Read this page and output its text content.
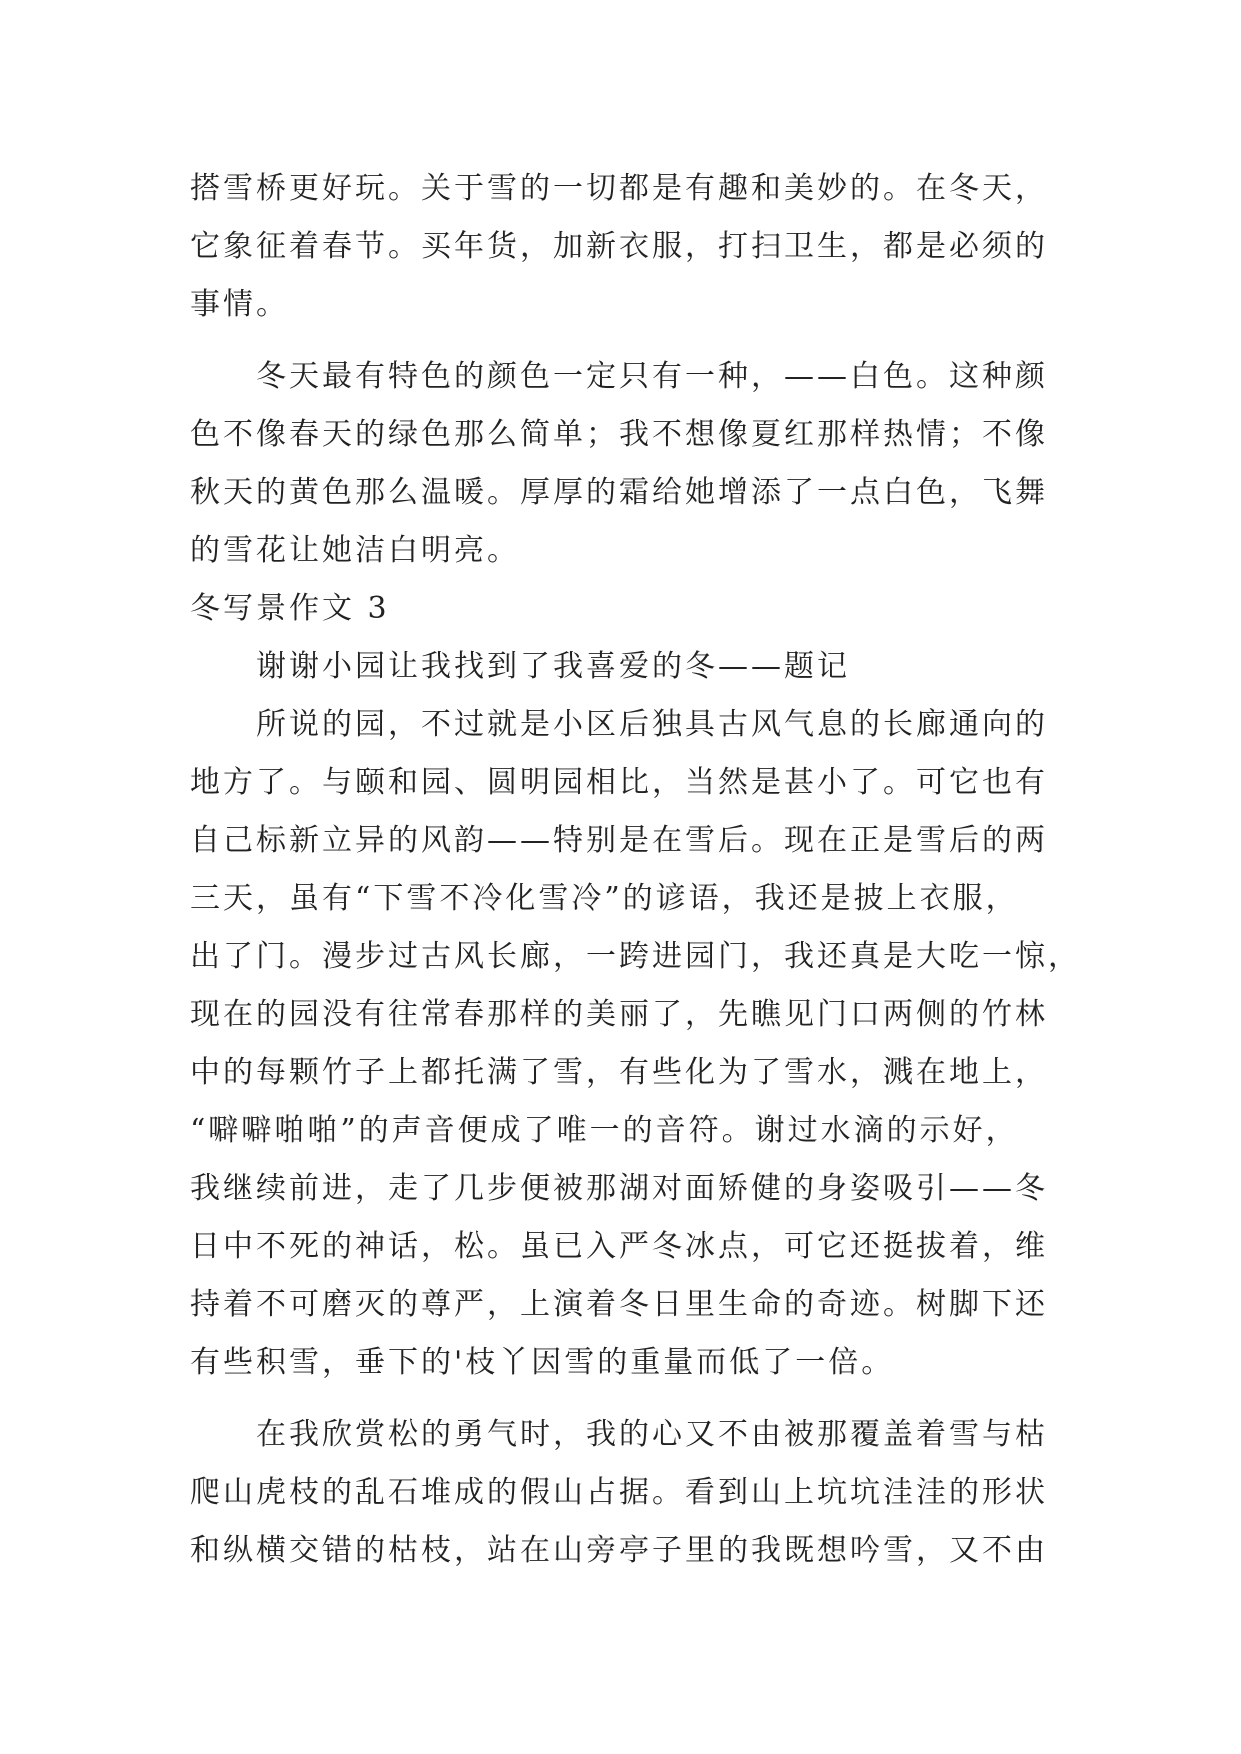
搭雪桥更好玩。关于雪的一切都是有趣和美妙的。在冬天，
它象征着春节。买年货，加新衣服，打扫卫生，都是必须的
事情。
冬天最有特色的颜色一定只有一种，——白色。这种颜
色不像春天的绿色那么简单；我不想像夏红那样热情；不像
秋天的黄色那么温暖。厚厚的霜给她增添了一点白色，飞舞
的雪花让她洁白明亮。
冬写景作文 3
谢谢小园让我找到了我喜爱的冬——题记
所说的园，不过就是小区后独具古风气息的长廊通向的
地方了。与颐和园、圆明园相比，当然是甚小了。可它也有
自己标新立异的风韵——特别是在雪后。现在正是雪后的两
三天，虽有“下雪不冷化雪冷”的谚语，我还是披上衣服，
出了门。漫步过古风长廊，一跨进园门，我还真是大吃一惊，
现在的园没有往常春那样的美丽了，先瞧见门口两侧的竹林
中的每颗竹子上都托满了雪，有些化为了雪水，溅在地上，
“噼噼啪啪”的声音便成了唯一的音符。谢过水滴的示好，
我继续前进，走了几步便被那湖对面矫健的身姿吸引——冬
日中不死的神话，松。虽已入严冬冰点，可它还挺拔着，维
持着不可磨灭的尊严，上演着冬日里生命的奇迹。树脚下还
有些积雪，垂下的'枝丫因雪的重量而低了一倍。
在我欣赏松的勇气时，我的心又不由被那覆盖着雪与枯
爬山虎枝的乱石堆成的假山占据。看到山上坑坑洼洼的形状
和纵横交错的枯枝，站在山旁亭子里的我既想吟雪，又不由
